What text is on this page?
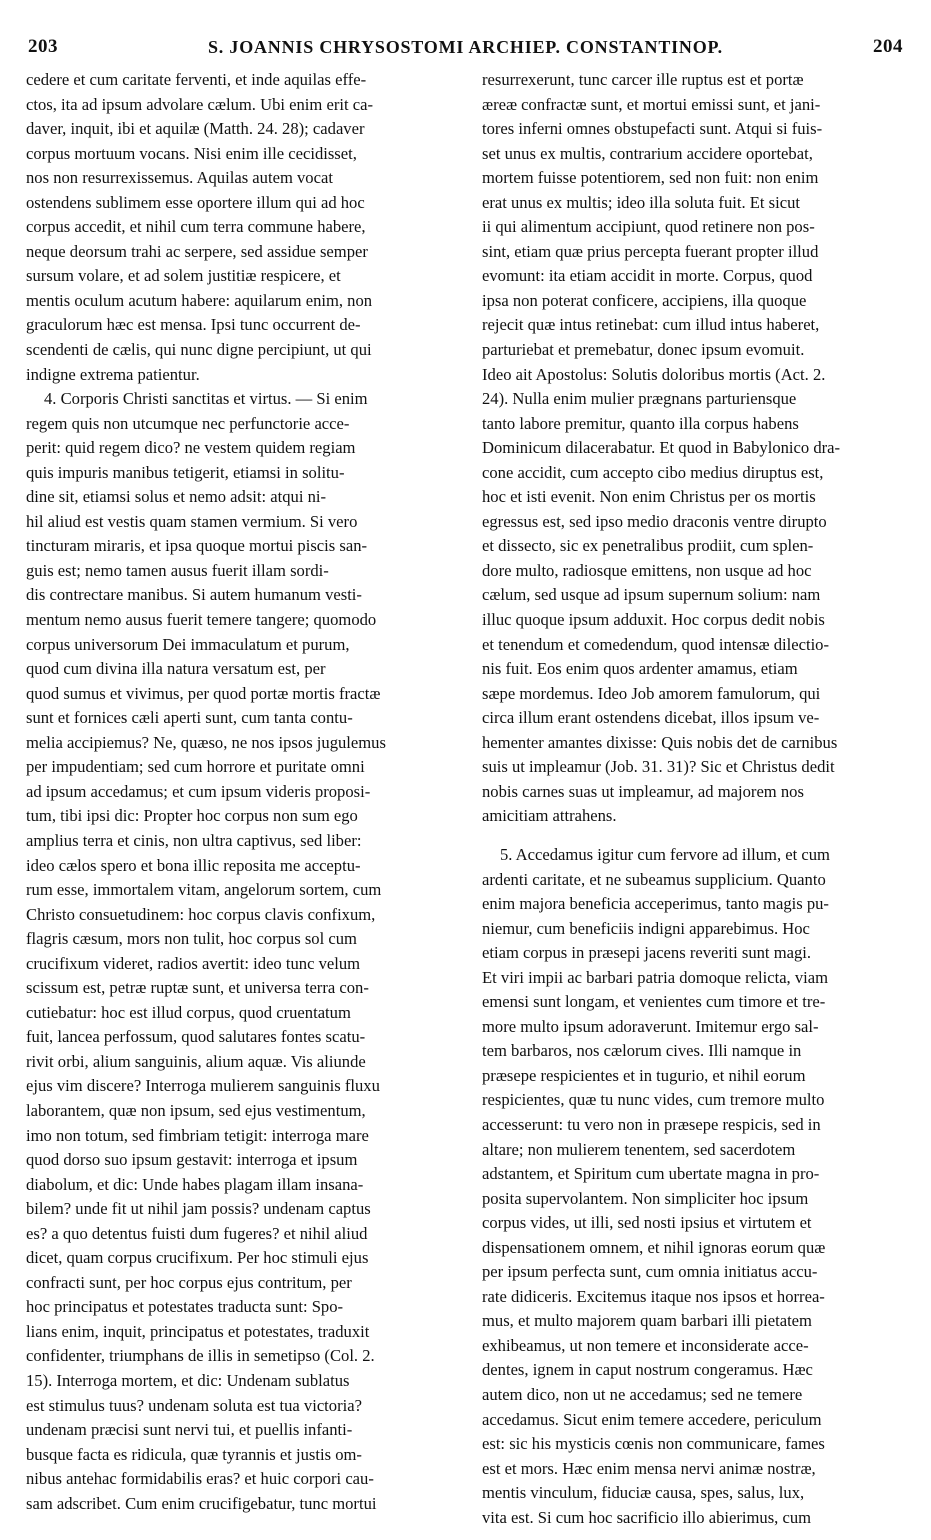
203	S. JOANNIS CHRYSOSTOMI ARCHIEP. CONSTANTINOP.	204
cedere et cum caritate ferventi, et inde aquilas effe-
ctos, ita ad ipsum advolare cælum. Ubi enim erit ca-
daver, inquit, ibi et aquilæ (Matth. 24. 28); cadaver
corpus mortuum vocans. Nisi enim ille cecidisset,
nos non resurrexissemus. Aquilas autem vocat
ostendens sublimem esse oportere illum qui ad hoc
corpus accedit, et nihil cum terra commune habere,
neque deorsum trahi ac serpere, sed assidue semper
sursum volare, et ad solem justitiæ respicere, et
mentis oculum acutum habere: aquilarum enim, non
graculorum hæc est mensa. Ipsi tunc occurrent de-
scendenti de cælis, qui nunc digne percipiunt, ut qui
indigne extrema patientur.
4. Corporis Christi sanctitas et virtus. — Si enim
regem quis non utcumque nec perfunctorie acce-
perit: quid regem dico? ne vestem quidem regiam
quis impuris manibus tetigerit, etiamsi in solitu-
dine sit, etiamsi solus et nemo adsit: atqui ni-
hil aliud est vestis quam stamen vermium. Si vero
tincturam miraris, et ipsa quoque mortui piscis san-
guis est; nemo tamen ausus fuerit illam sordi-
dis contrectare manibus. Si autem humanum vesti-
mentum nemo ausus fuerit temere tangere; quomodo
corpus universorum Dei immaculatum et purum,
quod cum divina illa natura versatum est, per
quod sumus et vivimus, per quod portæ mortis fractæ
sunt et fornices cæli aperti sunt, cum tanta contu-
melia accipiemus? Ne, quæso, ne nos ipsos jugulemus
per impudentiam; sed cum horrore et puritate omni
ad ipsum accedamus; et cum ipsum videris proposi-
tum, tibi ipsi dic: Propter hoc corpus non sum ego
amplius terra et cinis, non ultra captivus, sed liber:
ideo cælos spero et bona illic reposita me acceptu-
rum esse, immortalem vitam, angelorum sortem, cum
Christo consuetudinem: hoc corpus clavis confixum,
flagris cæsum, mors non tulit, hoc corpus sol cum
crucifixum videret, radios avertit: ideo tunc velum
scissum est, petræ ruptæ sunt, et universa terra con-
cutiebatur: hoc est illud corpus, quod cruentatum
fuit, lancea perfossum, quod salutares fontes scatu-
rivit orbi, alium sanguinis, alium aquæ. Vis aliunde
ejus vim discere? Interroga mulierem sanguinis fluxu
laborantem, quæ non ipsum, sed ejus vestimentum,
imo non totum, sed fimbriam tetigit: interroga mare
quod dorso suo ipsum gestavit: interroga et ipsum
diabolum, et dic: Unde habes plagam illam insana-
bilem? unde fit ut nihil jam possis? undenam captus
es? a quo detentus fuisti dum fugeres? et nihil aliud
dicet, quam corpus crucifixum. Per hoc stimuli ejus
confracti sunt, per hoc corpus ejus contritum, per
hoc principatus et potestates traducta sunt: Spo-
lians enim, inquit, principatus et potestates, traduxit
confidenter, triumphans de illis in semetipso (Col. 2.
15). Interroga mortem, et dic: Undenam sublatus
est stimulus tuus? undenam soluta est tua victoria?
undenam præcisi sunt nervi tui, et puellis infanti-
busque facta es ridicula, quæ tyrannis et justis om-
nibus antehac formidabilis eras? et huic corpori cau-
sam adscribet. Cum enim crucifigebatur, tunc mortui
resurrexerunt, tunc carcer ille ruptus est et portæ
æreæ confractæ sunt, et mortui emissi sunt, et jani-
tores inferni omnes obstupefacti sunt. Atqui si fuis-
set unus ex multis, contrarium accidere oportebat,
mortem fuisse potentiorem, sed non fuit: non enim
erat unus ex multis; ideo illa soluta fuit. Et sicut
ii qui alimentum accipiunt, quod retinere non pos-
sint, etiam quæ prius percepta fuerant propter illud
evomunt: ita etiam accidit in morte. Corpus, quod
ipsa non poterat conficere, accipiens, illa quoque
rejecit quæ intus retinebat: cum illud intus haberet,
parturiebat et premebatur, donec ipsum evomuit.
Ideo ait Apostolus: Solutis doloribus mortis (Act. 2.
24). Nulla enim mulier prægnans parturiensque
tanto labore premitur, quanto illa corpus habens
Dominicum dilacerabatur. Et quod in Babylonico dra-
cone accidit, cum accepto cibo medius diruptus est,
hoc et isti evenit. Non enim Christus per os mortis
egressus est, sed ipso medio draconis ventre dirupto
et dissecto, sic ex penetralibus prodiit, cum splen-
dore multo, radiosque emittens, non usque ad hoc
cælum, sed usque ad ipsum supernum solium: nam
illuc quoque ipsum adduxit. Hoc corpus dedit nobis
et tenendum et comedendum, quod intensæ dilectio-
nis fuit. Eos enim quos ardenter amamus, etiam
sæpe mordemus. Ideo Job amorem famulorum, qui
circa illum erant ostendens dicebat, illos ipsum ve-
hementer amantes dixisse: Quis nobis det de carnibus
suis ut impleamur (Job. 31. 31)? Sic et Christus dedit
nobis carnes suas ut impleamur, ad majorem nos
amicitiam attrahens.

5. Accedamus igitur cum fervore ad illum, et cum
ardenti caritate, et ne subeamus supplicium. Quanto
enim majora beneficia acceperimus, tanto magis pu-
niemur, cum beneficiis indigni apparebimus. Hoc
etiam corpus in præsepi jacens reveriti sunt magi.
Et viri impii ac barbari patria domoque relicta, viam
emensi sunt longam, et venientes cum timore et tre-
more multo ipsum adoraverunt. Imitemur ergo sal-
tem barbaros, nos cælorum cives. Illi namque in
præsepe respicientes et in tugurio, et nihil eorum
respicientes, quæ tu nunc vides, cum tremore multo
accesserunt: tu vero non in præsepe respicis, sed in
altare; non mulierem tenentem, sed sacerdotem
adstantem, et Spiritum cum ubertate magna in pro-
posita supervolantem. Non simpliciter hoc ipsum
corpus vides, ut illi, sed nosti ipsius et virtutem et
dispensationem omnem, et nihil ignoras eorum quæ
per ipsum perfecta sunt, cum omnia initiatus accu-
rate didiceris. Excitemus itaque nos ipsos et horrea-
mus, et multo majorem quam barbari illi pietatem
exhibeamus, ut non temere et inconsiderate acce-
dentes, ignem in caput nostrum congeramus. Hæc
autem dico, non ut ne accedamus; sed ne temere
accedamus. Sicut enim temere accedere, periculum
est: sic his mysticis cœnis non communicare, fames
est et mors. Hæc enim mensa nervi animæ nostræ,
mentis vinculum, fiduciæ causa, spes, salus, lux,
vita est. Si cum hoc sacrificio illo abierimus, cum
